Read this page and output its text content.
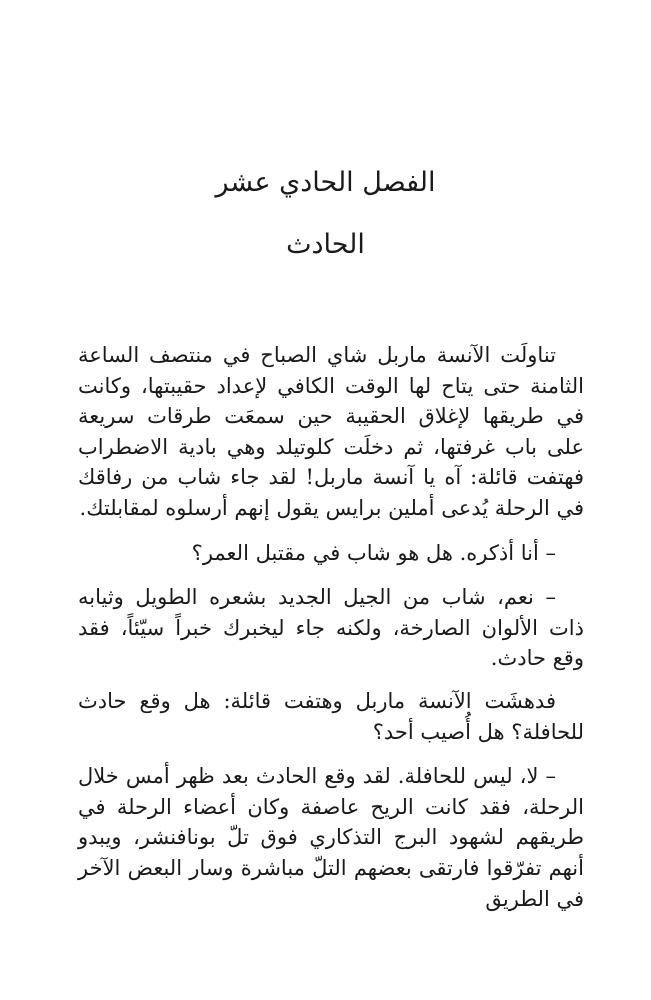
الفصل الحادي عشر
الحادث

تناولَت الآنسة ماربل شاي الصباح في منتصف الساعة الثامنة حتى يتاح لها الوقت الكافي لإعداد حقيبتها، وكانت في طريقها لإغلاق الحقيبة حين سمعَت طرقات سريعة على باب غرفتها، ثم دخلَت كلوتيلد وهي بادية الاضطراب فهتفت قائلة: آه يا آنسة ماربل! لقد جاء شاب من رفاقك في الرحلة يُدعى أملين برايس يقول إنهم أرسلوه لمقابلتك.

– أنا أذكره. هل هو شاب في مقتبل العمر؟

– نعم، شاب من الجيل الجديد بشعره الطويل وثيابه ذات الألوان الصارخة، ولكنه جاء ليخبرك خبراً سيّئاً، فقد وقع حادث.

فدهشَت الآنسة ماربل وهتفت قائلة: هل وقع حادث للحافلة؟ هل أُصيب أحد؟

– لا، ليس للحافلة. لقد وقع الحادث بعد ظهر أمس خلال الرحلة، فقد كانت الريح عاصفة وكان أعضاء الرحلة في طريقهم لشهود البرج التذكاري فوق تلّ بونافنشر، ويبدو أنهم تفرّقوا فارتقى بعضهم التلّ مباشرة وسار البعض الآخر في الطريق
